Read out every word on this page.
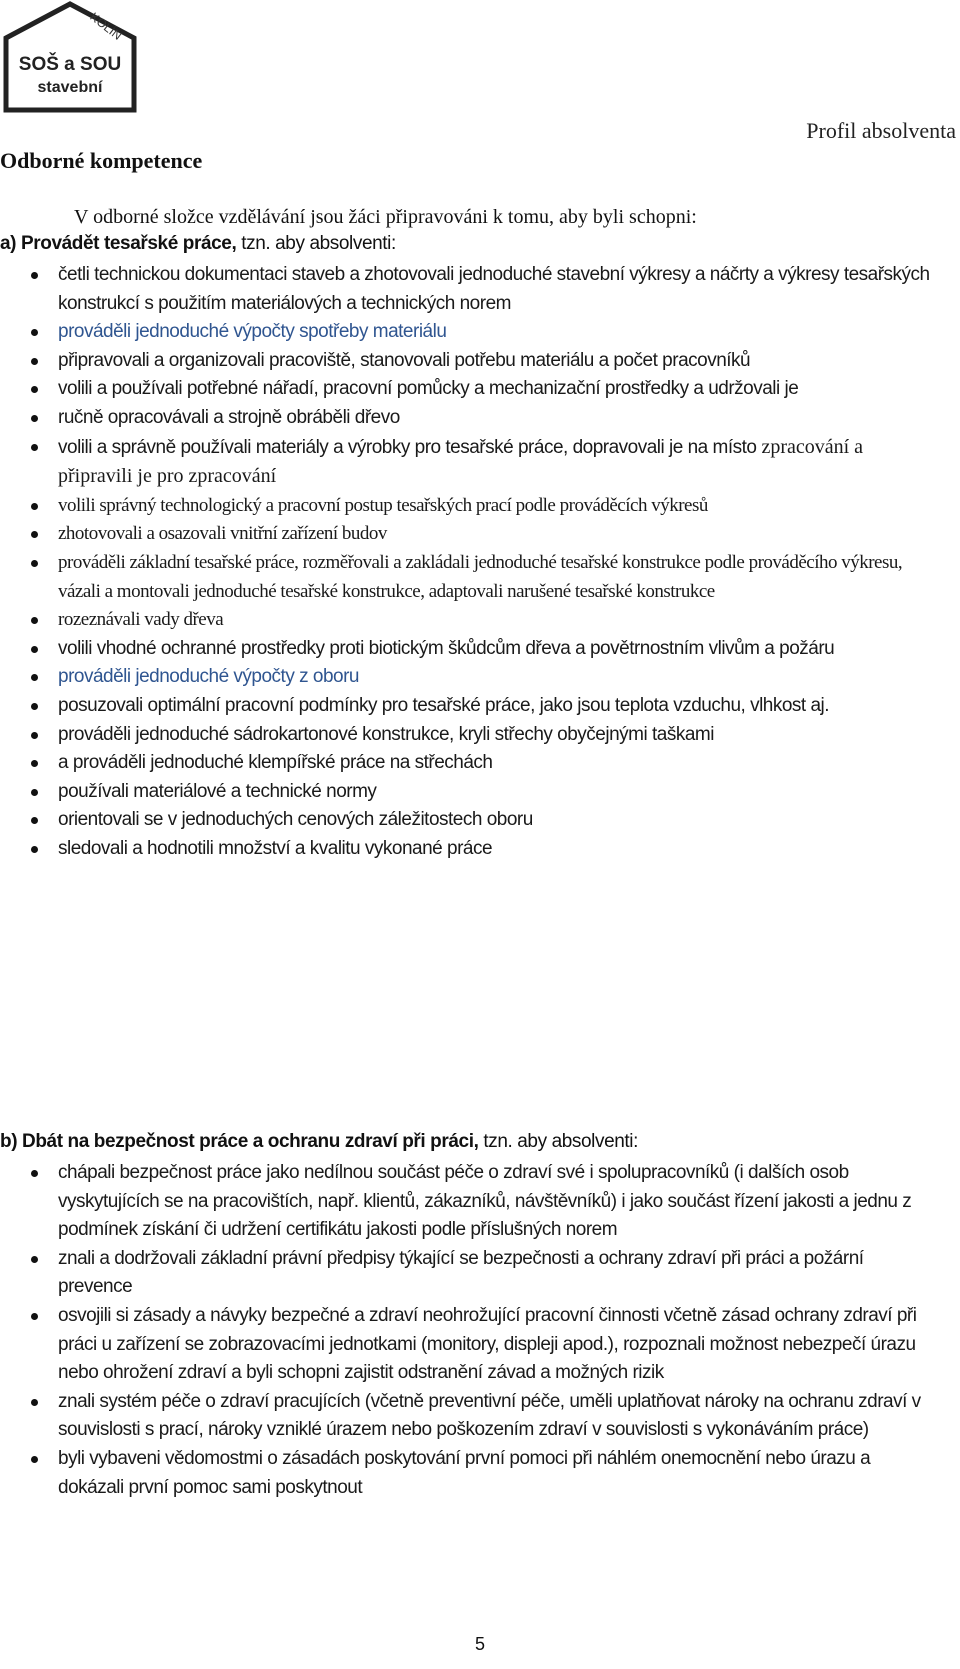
KOLÍN
SOŠ a SOU
stavební
Profil absolventa
Odborné kompetence
V odborné složce vzdělávání jsou žáci připravováni k tomu, aby byli schopni:
a) Provádět tesařské práce, tzn. aby absolventi:
četli technickou dokumentaci staveb a zhotovovali jednoduché stavební výkresy a náčrty a výkresy tesařských konstrukcí s použitím materiálových a technických norem
prováděli jednoduché výpočty spotřeby materiálu
připravovali a organizovali pracoviště, stanovovali potřebu materiálu a počet pracovníků
volili a používali potřebné nářadí, pracovní pomůcky a mechanizační prostředky a udržovali je
ručně opracovávali a strojně obráběli dřevo
volili a správně používali materiály a výrobky pro tesařské práce, dopravovali je na místo zpracování a připravili je pro zpracování
volili správný technologický a pracovní postup tesařských prací podle prováděcích výkresů
zhotovovali a osazovali vnitřní zařízení budov
prováděli základní tesařské práce, rozměřovali a zakládali jednoduché tesařské konstrukce podle prováděcího výkresu, vázali a montovali jednoduché tesařské konstrukce, adaptovali narušené tesařské konstrukce
rozeznávali vady dřeva
volili vhodné ochranné prostředky proti biotickým škůdcům dřeva a povětrnostním vlivům a požáru
prováděli jednoduché výpočty z oboru
posuzovali optimální pracovní podmínky pro tesařské práce, jako jsou teplota vzduchu, vlhkost aj.
prováděli jednoduché sádrokartonové konstrukce, kryli střechy obyčejnými taškami
a prováděli jednoduché klempířské práce na střechách
používali materiálové a technické normy
orientovali se v jednoduchých cenových záležitostech oboru
sledovali a hodnotili množství a kvalitu vykonané práce
b) Dbát na bezpečnost práce a ochranu zdraví při práci, tzn. aby absolventi:
chápali bezpečnost práce jako nedílnou součást péče o zdraví své i spolupracovníků (i dalších osob vyskytujících se na pracovištích, např. klientů, zákazníků, návštěvníků) i jako součást řízení jakosti a jednu z podmínek získání či udržení certifikátu jakosti podle příslušných norem
znali a dodržovali základní právní předpisy týkající se bezpečnosti a ochrany zdraví při práci a požární prevence
osvojili si zásady a návyky bezpečné a zdraví neohrožující pracovní činnosti včetně zásad ochrany zdraví při práci u zařízení se zobrazovacími jednotkami (monitory, displeji apod.), rozpoznali možnost nebezpečí úrazu nebo ohrožení zdraví a byli schopni zajistit odstranění závad a možných rizik
znali systém péče o zdraví pracujících (včetně preventivní péče, uměli uplatňovat nároky na ochranu zdraví v souvislosti s prací, nároky vzniklé úrazem nebo poškozením zdraví v souvislosti s vykonáváním práce)
byli vybaveni vědomostmi o zásadách poskytování první pomoci při náhlém onemocnění nebo úrazu a dokázali první pomoc sami poskytnout
5
